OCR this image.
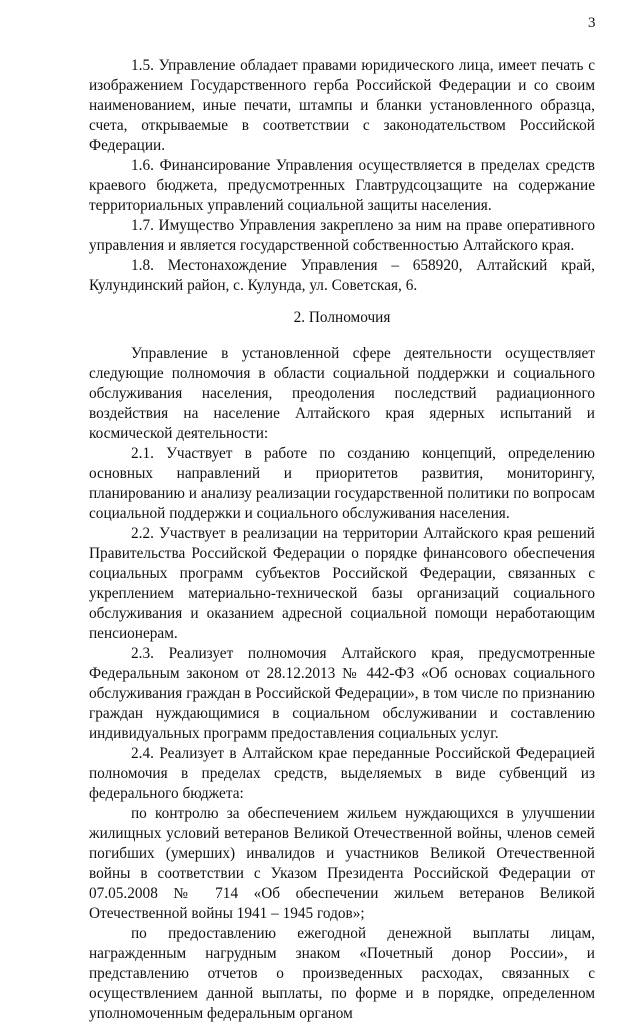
3

1.5. Управление обладает правами юридического лица, имеет печать с изображением Государственного герба Российской Федерации и со своим наименованием, иные печати, штампы и бланки установленного образца, счета, открываемые в соответствии с законодательством Российской Федерации.

1.6. Финансирование Управления осуществляется в пределах средств краевого бюджета, предусмотренных Главтрудсоцзащите на содержание территориальных управлений социальной защиты населения.

1.7. Имущество Управления закреплено за ним на праве оперативного управления и является государственной собственностью Алтайского края.

1.8. Местонахождение Управления – 658920, Алтайский край, Кулундинский район, с. Кулунда, ул. Советская, 6.

2. Полномочия

Управление в установленной сфере деятельности осуществляет следующие полномочия в области социальной поддержки и социального обслуживания населения, преодоления последствий радиационного воздействия на население Алтайского края ядерных испытаний и космической деятельности:

2.1. Участвует в работе по созданию концепций, определению основных направлений и приоритетов развития, мониторингу, планированию и анализу реализации государственной политики по вопросам социальной поддержки и социального обслуживания населения.

2.2. Участвует в реализации на территории Алтайского края решений Правительства Российской Федерации о порядке финансового обеспечения социальных программ субъектов Российской Федерации, связанных с укреплением материально-технической базы организаций социального обслуживания и оказанием адресной социальной помощи неработающим пенсионерам.

2.3. Реализует полномочия Алтайского края, предусмотренные Федеральным законом от 28.12.2013 № 442-ФЗ «Об основах социального обслуживания граждан в Российской Федерации», в том числе по признанию граждан нуждающимися в социальном обслуживании и составлению индивидуальных программ предоставления социальных услуг.

2.4. Реализует в Алтайском крае переданные Российской Федерацией полномочия в пределах средств, выделяемых в виде субвенций из федерального бюджета:

по контролю за обеспечением жильем нуждающихся в улучшении жилищных условий ветеранов Великой Отечественной войны, членов семей погибших (умерших) инвалидов и участников Великой Отечественной войны в соответствии с Указом Президента Российской Федерации от 07.05.2008 № 714 «Об обеспечении жильем ветеранов Великой Отечественной войны 1941 – 1945 годов»;

по предоставлению ежегодной денежной выплаты лицам, награжденным нагрудным знаком «Почетный донор России», и представлению отчетов о произведенных расходах, связанных с осуществлением данной выплаты, по форме и в порядке, определенном уполномоченным федеральным органом
